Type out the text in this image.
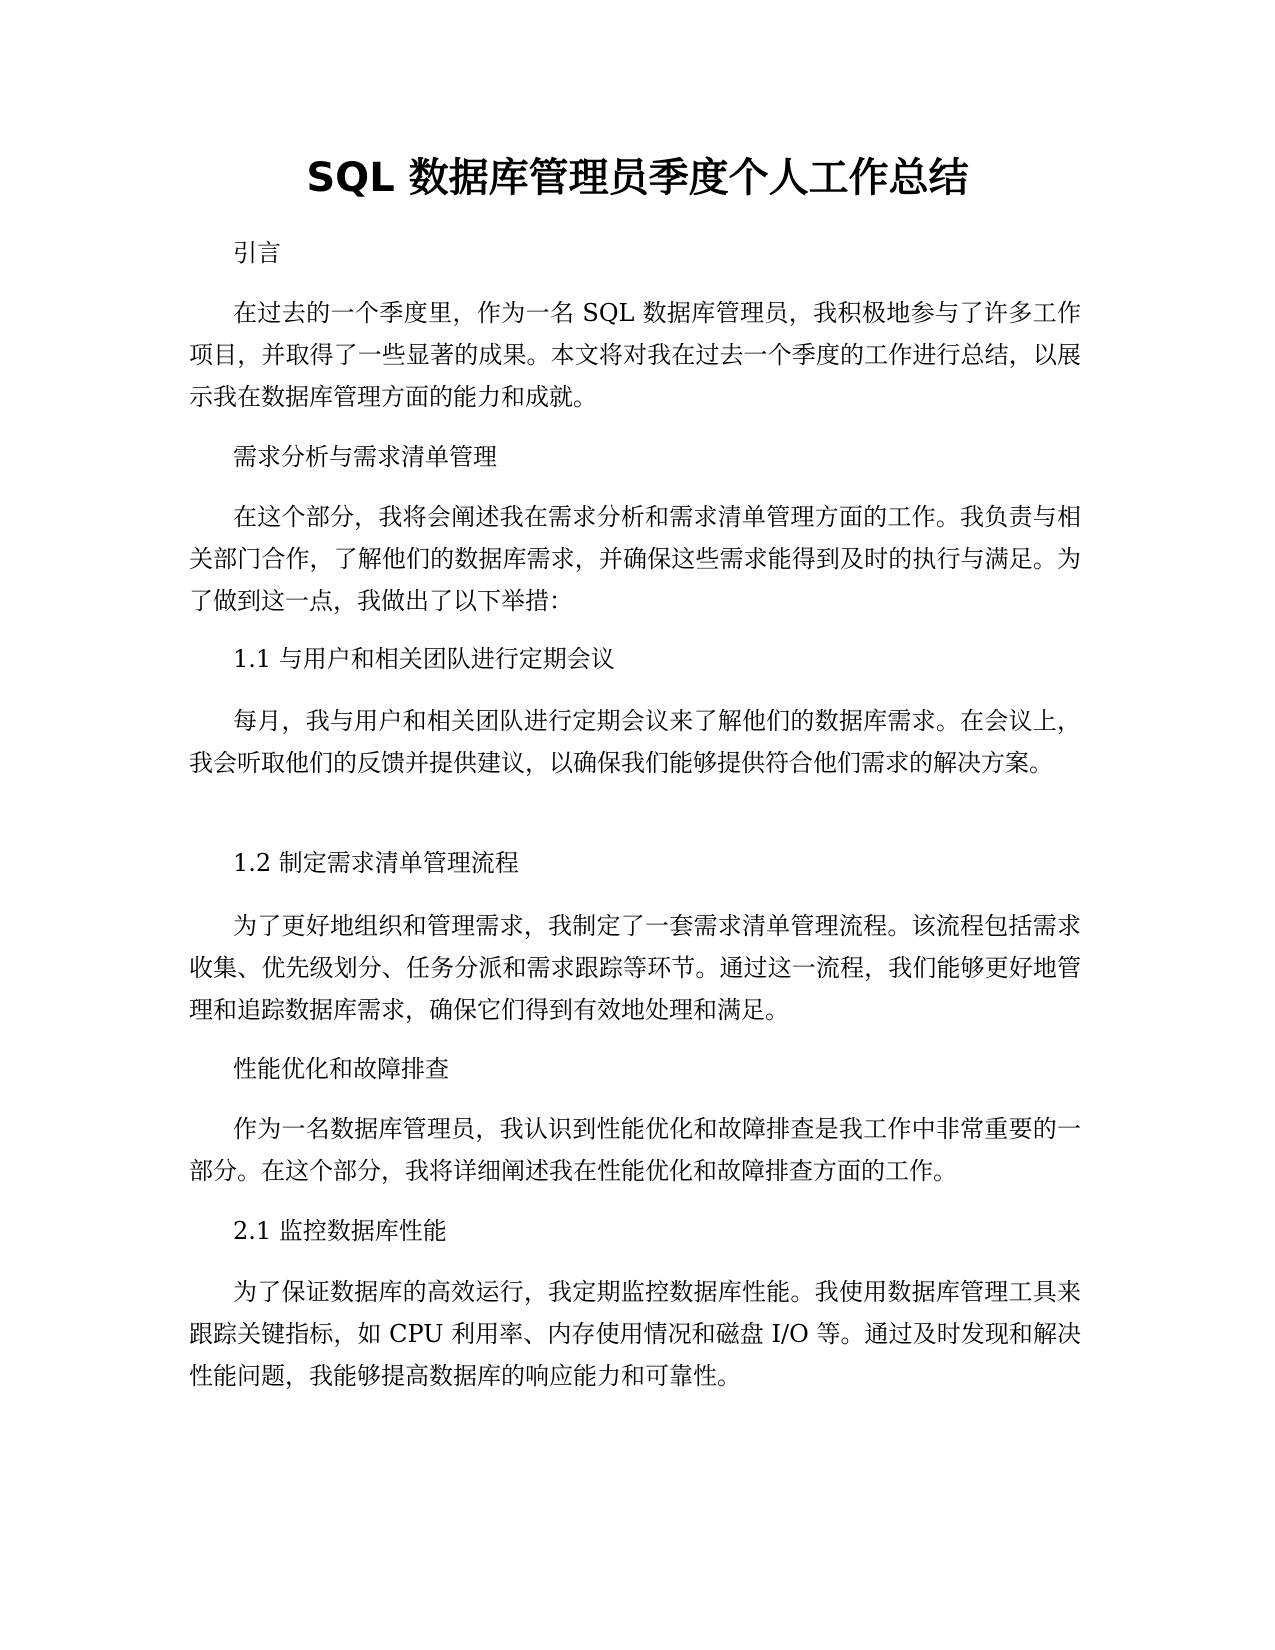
SQL 数据库管理员季度个人工作总结
引言
在过去的一个季度里，作为一名 SQL 数据库管理员，我积极地参与了许多工作项目，并取得了一些显著的成果。本文将对我在过去一个季度的工作进行总结，以展示我在数据库管理方面的能力和成就。
需求分析与需求清单管理
在这个部分，我将会阐述我在需求分析和需求清单管理方面的工作。我负责与相关部门合作，了解他们的数据库需求，并确保这些需求能得到及时的执行与满足。为了做到这一点，我做出了以下举措：
1.1 与用户和相关团队进行定期会议
每月，我与用户和相关团队进行定期会议来了解他们的数据库需求。在会议上，我会听取他们的反馈并提供建议，以确保我们能够提供符合他们需求的解决方案。
1.2 制定需求清单管理流程
为了更好地组织和管理需求，我制定了一套需求清单管理流程。该流程包括需求收集、优先级划分、任务分派和需求跟踪等环节。通过这一流程，我们能够更好地管理和追踪数据库需求，确保它们得到有效地处理和满足。
性能优化和故障排查
作为一名数据库管理员，我认识到性能优化和故障排查是我工作中非常重要的一部分。在这个部分，我将详细阐述我在性能优化和故障排查方面的工作。
2.1 监控数据库性能
为了保证数据库的高效运行，我定期监控数据库性能。我使用数据库管理工具来跟踪关键指标，如 CPU 利用率、内存使用情况和磁盘 I/O 等。通过及时发现和解决性能问题，我能够提高数据库的响应能力和可靠性。
